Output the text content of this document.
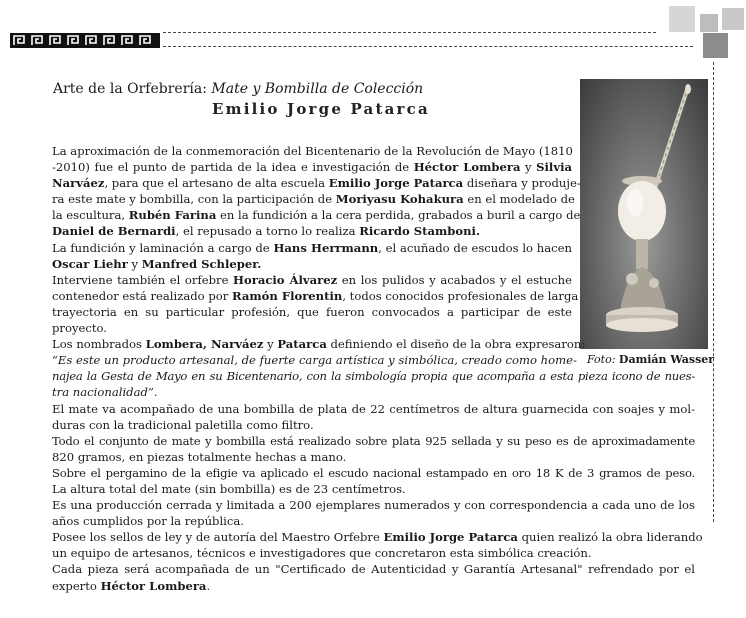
Arte de la Orfebrería: Mate y Bombilla de Colección
Emilio Jorge Patarca
Foto: Damián Wasser
La aproximación de la conmemoración del Bicentenario de la Revolución de Mayo (1810
-2010) fue el punto de partida de la idea e investigación de Héctor Lombera y Silvia
Narváez, para que el artesano de alta escuela Emilio Jorge Patarca diseñara y produje-
ra este mate y bombilla, con la participación de Moriyasu Kohakura en el modelado de
la escultura, Rubén Farina en la fundición a la cera perdida, grabados a buril a cargo de
Daniel de Bernardi, el repusado a torno lo realiza Ricardo Stamboni.
La fundición y laminación a cargo de Hans Herrmann, el acuñado de escudos lo hacen
Oscar Liehr y Manfred Schleper.
Interviene también el orfebre Horacio Álvarez en los pulidos y acabados y el estuche
contenedor está realizado por Ramón Florentin, todos conocidos profesionales de larga
trayectoria en su particular profesión, que fueron convocados a participar de este
proyecto.
Los nombrados Lombera, Narváez y Patarca definiendo el diseño de la obra expresaron:
“Es este un producto artesanal, de fuerte carga artística y simbólica, creado como home-
najea la Gesta de Mayo en su Bicentenario, con la simbología propia que acompaña a esta pieza icono de nues-
tra nacionalidad”.
El mate va acompañado de una bombilla de plata de 22 centímetros de altura guarnecida con soajes y mol-
duras con la tradicional paletilla como filtro.
Todo el conjunto de mate y bombilla está realizado sobre plata 925 sellada y su peso es de aproximadamente
820 gramos, en piezas totalmente hechas a mano.
Sobre el pergamino de la efigie va aplicado el escudo nacional estampado en oro 18 K de 3 gramos de peso.
La altura total del mate (sin bombilla) es de 23 centímetros.
Es una producción cerrada y limitada a 200 ejemplares numerados y con correspondencia a cada uno de los
años cumplidos por la república.
Posee los sellos de ley y de autoría del Maestro Orfebre Emilio Jorge Patarca quien realizó la obra liderando
un equipo de artesanos, técnicos e investigadores que concretaron esta simbólica creación.
Cada pieza será acompañada de un "Certificado de Autenticidad y Garantía Artesanal" refrendado por el
experto Héctor Lombera.
